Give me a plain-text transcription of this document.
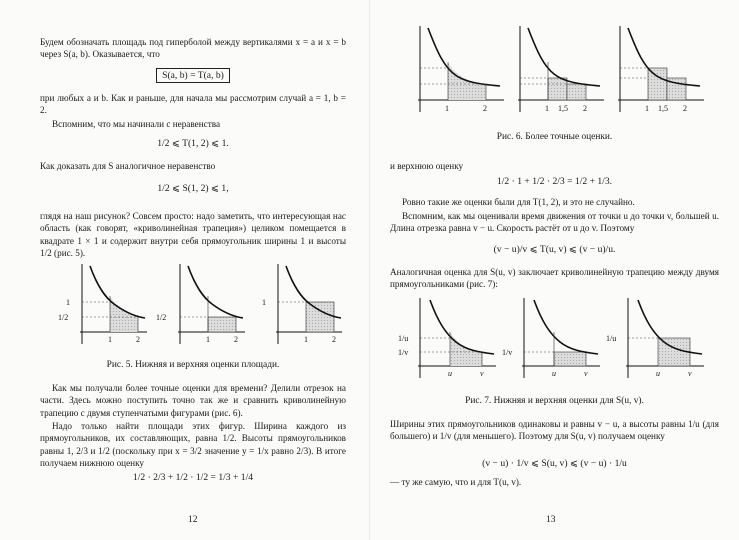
Будем обозначать площадь под гиперболой между вертикалями x = a и x = b через S(a, b). Оказывается, что

S(a, b) = T(a, b)

при любых a и b. Как и раньше, для начала мы рассмотрим случай a = 1, b = 2.

Вспомним, что мы начинали с неравенства

1/2 ⩽ T(1, 2) ⩽ 1.

Как доказать для S аналогичное неравенство

1/2 ⩽ S(1, 2) ⩽ 1,

глядя на наш рисунок? Совсем просто: надо заметить, что интересующая нас область (как говорят, «криволинейная трапеция») целиком помещается в квадрате 1 × 1 и содержит внутри себя прямоугольник ширины 1 и высоты 1/2 (рис. 5).

1
1/2
1	2
1/2
1	2
1
1	2
Рис. 5. Нижняя и верхняя оценки площади.

Как мы получали более точные оценки для времени? Делили отрезок на части. Здесь можно поступить точно так же и сравнить криволинейную трапецию с двумя ступенчатыми фигурами (рис. 6).

Надо только найти площади этих фигур. Ширина каждого из прямоугольников, их составляющих, равна 1/2. Высоты прямоугольников равны 1, 2/3 и 1/2 (поскольку при x = 3/2 значение y = 1/x равно 2/3). В итоге получаем нижнюю оценку

1/2 · 2/3 + 1/2 · 1/2 = 1/3 + 1/4
12
1	2	1 1,5 2	1 1,5 2
Рис. 6. Более точные оценки.

и верхнюю оценку

1/2 · 1 + 1/2 · 2/3 = 1/2 + 1/3.

Ровно такие же оценки были для T(1, 2), и это не случайно.

Вспомним, как мы оценивали время движения от точки u до точки v, большей u. Длина отрезка равна v − u. Скорость растёт от u до v. Поэтому

(v − u)/v ⩽ T(u, v) ⩽ (v − u)/u.

Аналогичная оценка для S(u, v) заключает криволинейную трапецию между двумя прямоугольниками (рис. 7):

1/u
1/v
u	v
1/v
u	v
1/u
u	v
Рис. 7. Нижняя и верхняя оценки для S(u, v).

Ширины этих прямоугольников одинаковы и равны v − u, а высоты равны 1/u (для большего) и 1/v (для меньшего). Поэтому для S(u, v) получаем оценку

(v − u) · 1/v ⩽ S(u, v) ⩽ (v − u) · 1/u

— ту же самую, что и для T(u, v).

13
